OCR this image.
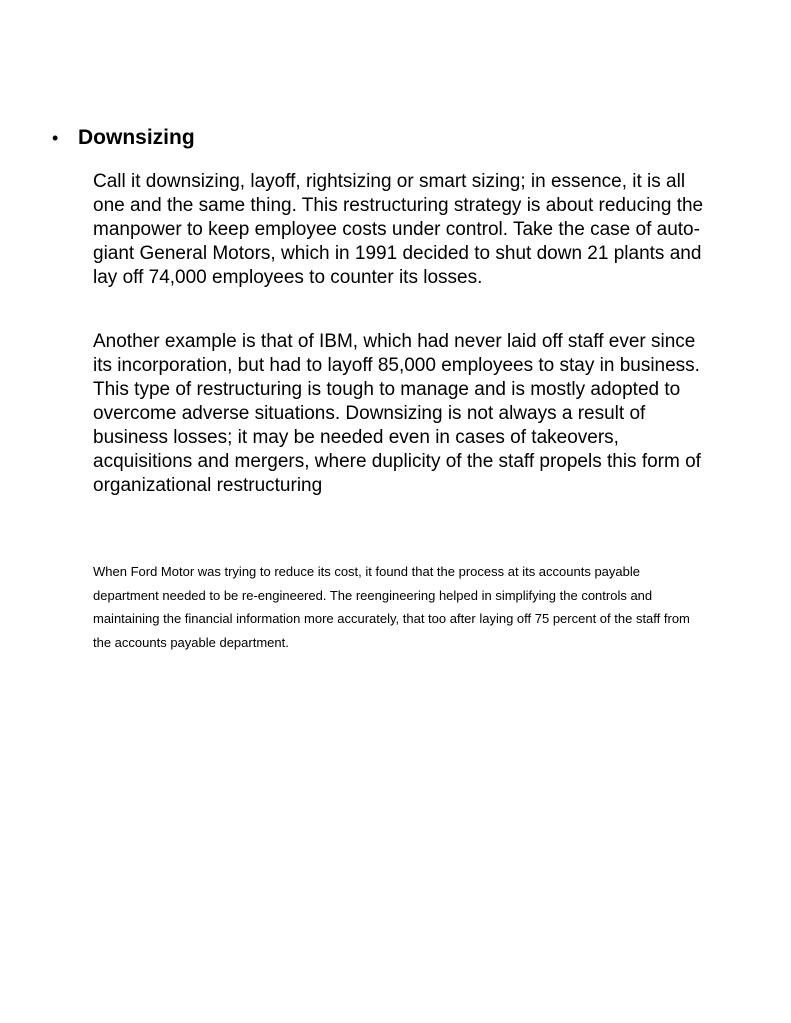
• Downsizing

Call it downsizing, layoff, rightsizing or smart sizing; in essence, it is all one and the same thing. This restructuring strategy is about reducing the manpower to keep employee costs under control. Take the case of auto-giant General Motors, which in 1991 decided to shut down 21 plants and lay off 74,000 employees to counter its losses.

Another example is that of IBM, which had never laid off staff ever since its incorporation, but had to layoff 85,000 employees to stay in business. This type of restructuring is tough to manage and is mostly adopted to overcome adverse situations. Downsizing is not always a result of business losses; it may be needed even in cases of takeovers, acquisitions and mergers, where duplicity of the staff propels this form of organizational restructuring

When Ford Motor was trying to reduce its cost, it found that the process at its accounts payable department needed to be re-engineered. The reengineering helped in simplifying the controls and maintaining the financial information more accurately, that too after laying off 75 percent of the staff from the accounts payable department.
